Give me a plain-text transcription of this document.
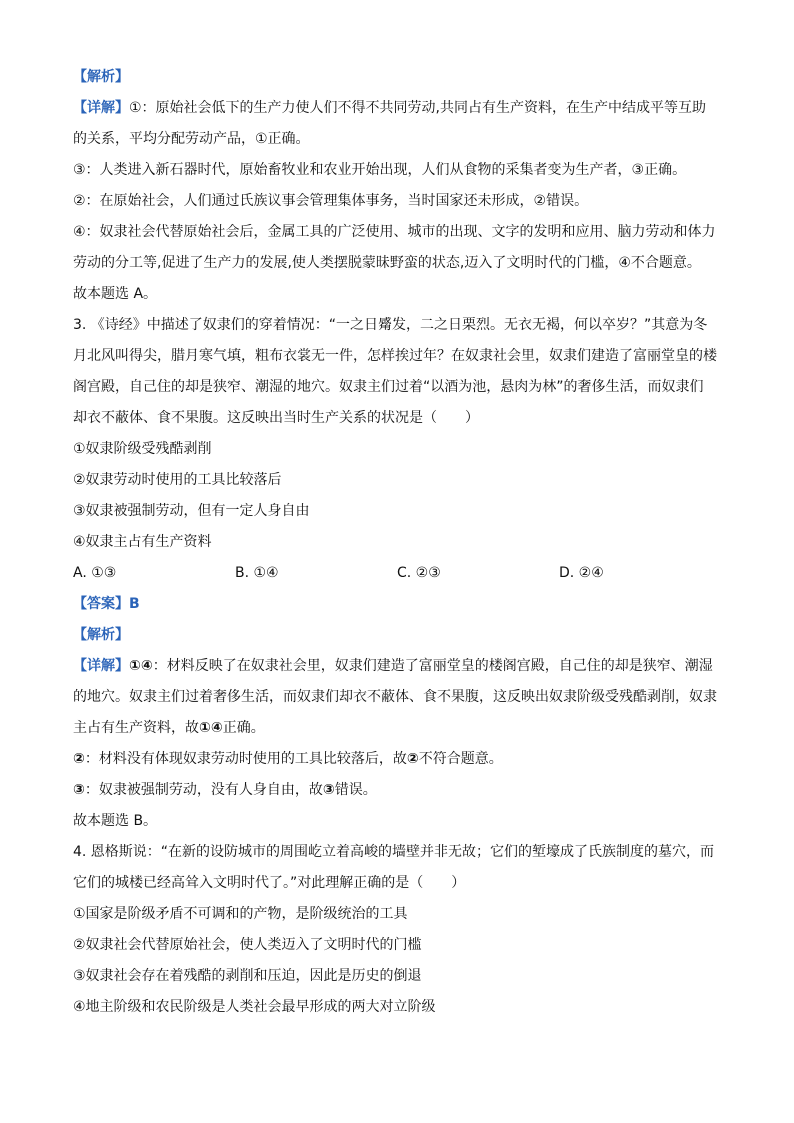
【解析】
【详解】①：原始社会低下的生产力使人们不得不共同劳动,共同占有生产资料，在生产中结成平等互助
的关系，平均分配劳动产品，①正确。
③：人类进入新石器时代，原始畜牧业和农业开始出现，人们从食物的采集者变为生产者，③正确。
②：在原始社会，人们通过氏族议事会管理集体事务，当时国家还未形成，②错误。
④：奴隶社会代替原始社会后，金属工具的广泛使用、城市的出现、文字的发明和应用、脑力劳动和体力
劳动的分工等,促进了生产力的发展,使人类摆脱蒙昧野蛮的状态,迈入了文明时代的门槛，④不合题意。
故本题选 A。
3. 《诗经》中描述了奴隶们的穿着情况：“一之日觱发，二之日栗烈。无衣无褐，何以卒岁？”其意为冬
月北风叫得尖，腊月寒气填，粗布衣裳无一件，怎样挨过年？在奴隶社会里，奴隶们建造了富丽堂皇的楼
阁宫殿，自己住的却是狭窄、潮湿的地穴。奴隶主们过着“以酒为池，悬肉为林”的奢侈生活，而奴隶们
却衣不蔽体、食不果腹。这反映出当时生产关系的状况是（　　）
①奴隶阶级受残酷剥削
②奴隶劳动时使用的工具比较落后
③奴隶被强制劳动，但有一定人身自由
④奴隶主占有生产资料
A. ①③	B. ①④	C. ②③	D. ②④
【答案】B
【解析】
【详解】①④：材料反映了在奴隶社会里，奴隶们建造了富丽堂皇的楼阁宫殿，自己住的却是狭窄、潮湿
的地穴。奴隶主们过着奢侈生活，而奴隶们却衣不蔽体、食不果腹，这反映出奴隶阶级受残酷剥削，奴隶
主占有生产资料，故①④正确。
②：材料没有体现奴隶劳动时使用的工具比较落后，故②不符合题意。
③：奴隶被强制劳动，没有人身自由，故③错误。
故本题选 B。
4. 恩格斯说：“在新的设防城市的周围屹立着高峻的墙壁并非无故；它们的堑壕成了氏族制度的墓穴，而
它们的城楼已经高耸入文明时代了。”对此理解正确的是（　　）
①国家是阶级矛盾不可调和的产物，是阶级统治的工具
②奴隶社会代替原始社会，使人类迈入了文明时代的门槛
③奴隶社会存在着残酷的剥削和压迫，因此是历史的倒退
④地主阶级和农民阶级是人类社会最早形成的两大对立阶级
